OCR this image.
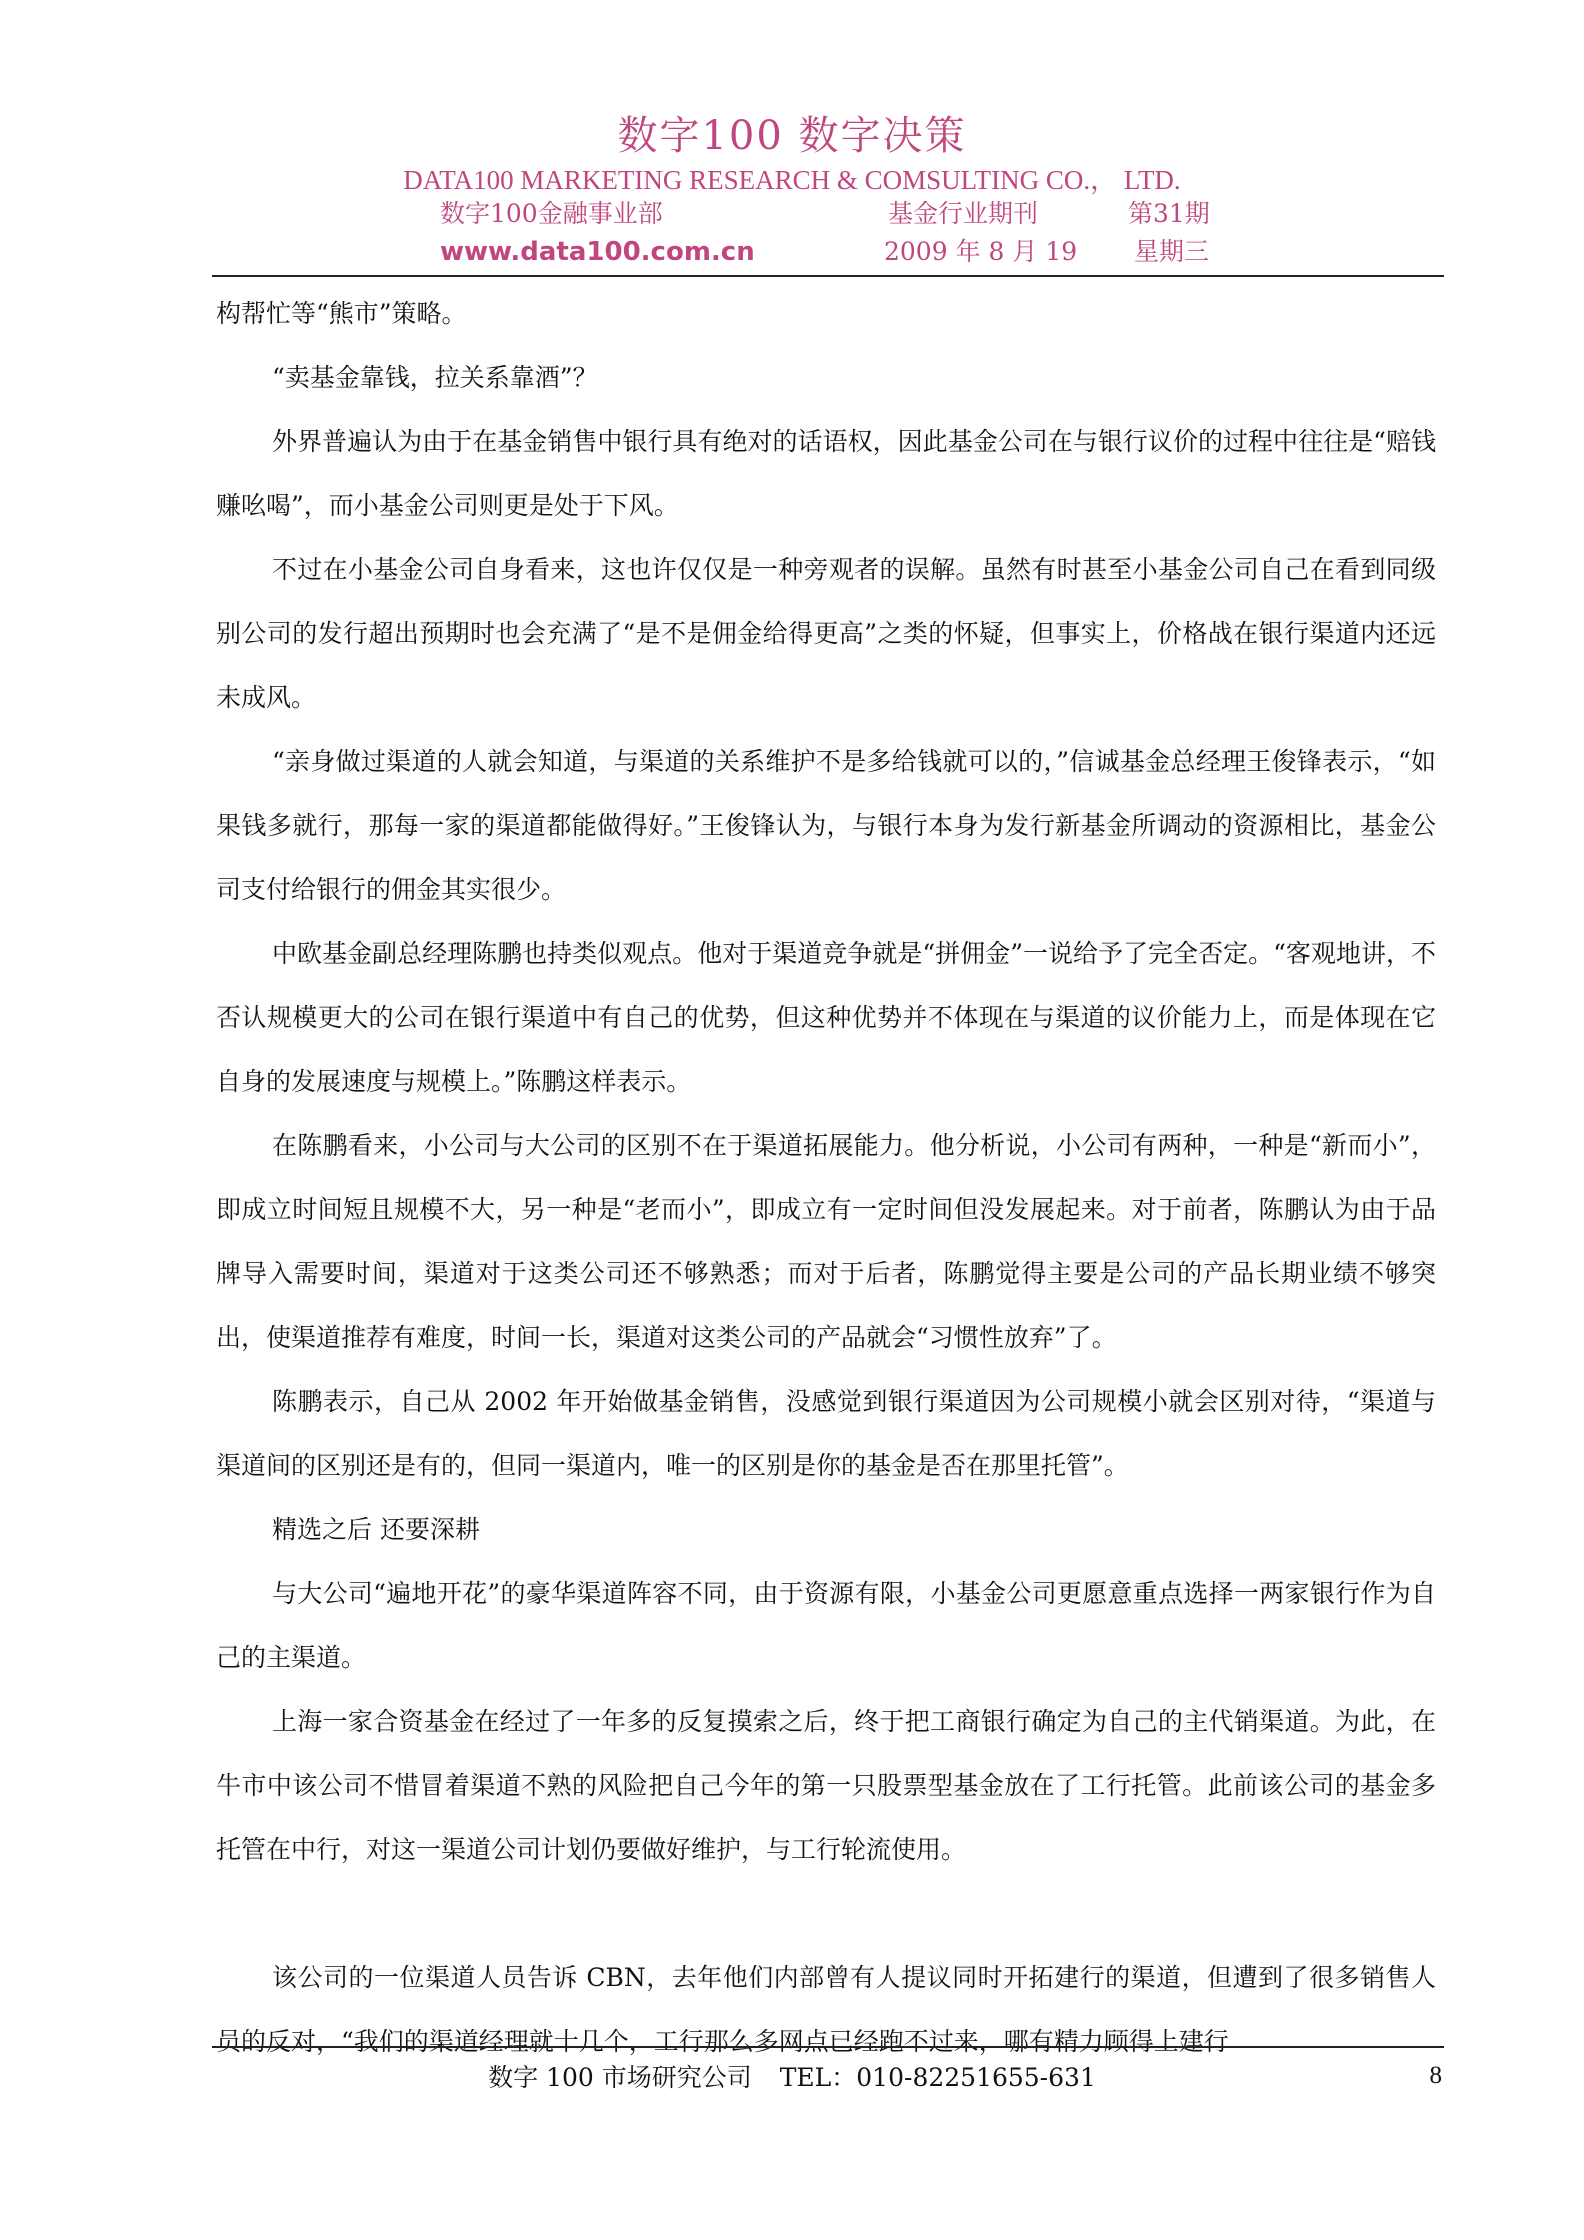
数字100 数字决策
DATA100 MARKETING RESEARCH & COMSULTING CO.， LTD.
数字100金融事业部	基金行业期刊	第31期
www.data100.com.cn	2009 年 8 月 19 星期三

构帮忙等“熊市”策略。

“卖基金靠钱，拉关系靠酒”？

外界普遍认为由于在基金销售中银行具有绝对的话语权，因此基金公司在与银行议价的过程中往往是“赔钱赚吆喝”，而小基金公司则更是处于下风。

不过在小基金公司自身看来，这也许仅仅是一种旁观者的误解。虽然有时甚至小基金公司自己在看到同级别公司的发行超出预期时也会充满了“是不是佣金给得更高”之类的怀疑，但事实上，价格战在银行渠道内还远未成风。

“亲身做过渠道的人就会知道，与渠道的关系维护不是多给钱就可以的，”信诚基金总经理王俊锋表示，“如果钱多就行，那每一家的渠道都能做得好。”王俊锋认为，与银行本身为发行新基金所调动的资源相比，基金公司支付给银行的佣金其实很少。

中欧基金副总经理陈鹏也持类似观点。他对于渠道竞争就是“拼佣金”一说给予了完全否定。“客观地讲，不否认规模更大的公司在银行渠道中有自己的优势，但这种优势并不体现在与渠道的议价能力上，而是体现在它自身的发展速度与规模上。”陈鹏这样表示。

在陈鹏看来，小公司与大公司的区别不在于渠道拓展能力。他分析说，小公司有两种，一种是“新而小”，即成立时间短且规模不大，另一种是“老而小”，即成立有一定时间但没发展起来。对于前者，陈鹏认为由于品牌导入需要时间，渠道对于这类公司还不够熟悉；而对于后者，陈鹏觉得主要是公司的产品长期业绩不够突出，使渠道推荐有难度，时间一长，渠道对这类公司的产品就会“习惯性放弃”了。

陈鹏表示，自己从 2002 年开始做基金销售，没感觉到银行渠道因为公司规模小就会区别对待，“渠道与渠道间的区别还是有的，但同一渠道内，唯一的区别是你的基金是否在那里托管”。

精选之后 还要深耕

与大公司“遍地开花”的豪华渠道阵容不同，由于资源有限，小基金公司更愿意重点选择一两家银行作为自己的主渠道。

上海一家合资基金在经过了一年多的反复摸索之后，终于把工商银行确定为自己的主代销渠道。为此，在牛市中该公司不惜冒着渠道不熟的风险把自己今年的第一只股票型基金放在了工行托管。此前该公司的基金多托管在中行，对这一渠道公司计划仍要做好维护，与工行轮流使用。

该公司的一位渠道人员告诉 CBN，去年他们内部曾有人提议同时开拓建行的渠道，但遭到了很多销售人员的反对，“我们的渠道经理就十几个，工行那么多网点已经跑不过来，哪有精力顾得上建行

数字 100 市场研究公司 TEL：010-82251655-631	8
